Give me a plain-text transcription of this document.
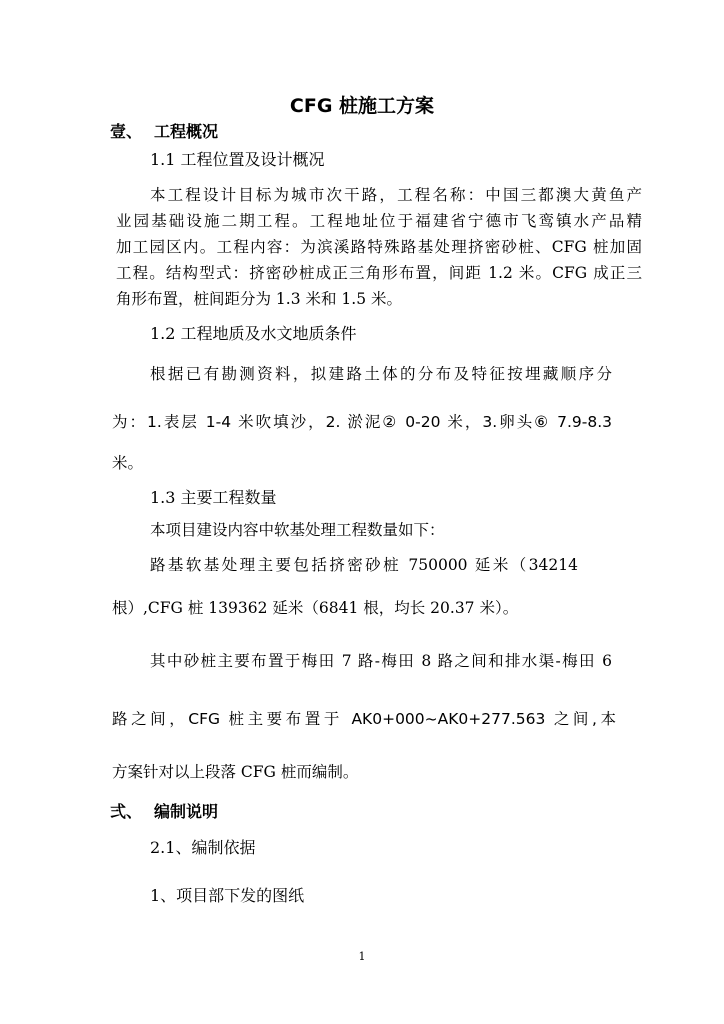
CFG 桩施工方案
壹、 工程概况
1.1 工程位置及设计概况
本工程设计目标为城市次干路，工程名称：中国三都澳大黄鱼产
业园基础设施二期工程。工程地址位于福建省宁德市飞鸾镇水产品精
加工园区内。工程内容：为滨溪路特殊路基处理挤密砂桩、CFG 桩加固
工程。结构型式：挤密砂桩成正三角形布置，间距 1.2 米。CFG 成正三
角形布置，桩间距分为 1.3 米和 1.5 米。
1.2 工程地质及水文地质条件
根据已有勘测资料，拟建路土体的分布及特征按埋藏顺序分
为：1.表层 1-4 米吹填沙，2. 淤泥② 0-20 米，3.卵头⑥ 7.9-8.3
米。
1.3 主要工程数量
本项目建设内容中软基处理工程数量如下：
路基软基处理主要包括挤密砂桩 750000 延米（34214
根）,CFG 桩 139362 延米（6841 根，均长 20.37 米）。
其中砂桩主要布置于梅田 7 路-梅田 8 路之间和排水渠-梅田 6
路之间，CFG 桩主要布置于 AK0+000~AK0+277.563 之间,本
方案针对以上段落 CFG 桩而编制。
弍、 编制说明
2.1、编制依据
1、项目部下发的图纸
1
